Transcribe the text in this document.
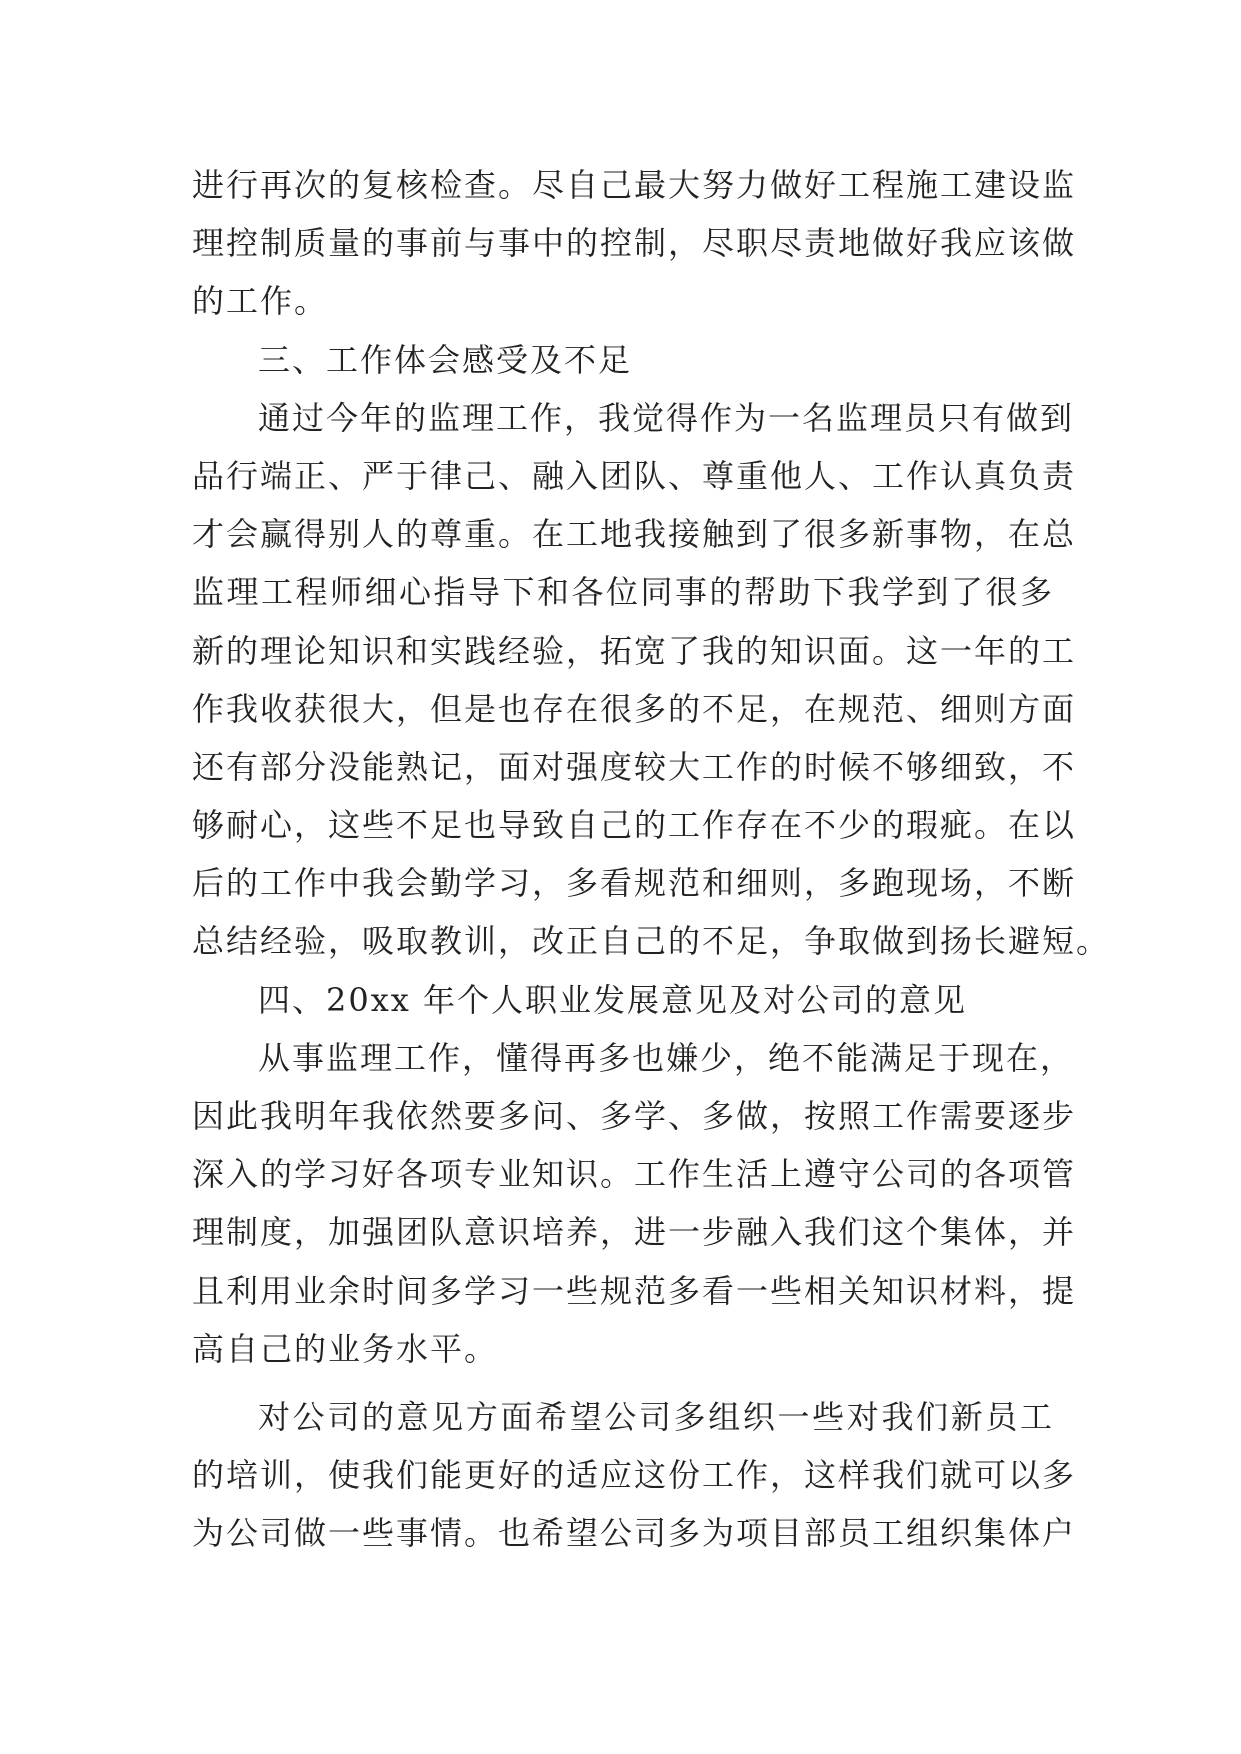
进行再次的复核检查。尽自己最大努力做好工程施工建设监
理控制质量的事前与事中的控制，尽职尽责地做好我应该做
的工作。
三、工作体会感受及不足
通过今年的监理工作，我觉得作为一名监理员只有做到
品行端正、严于律己、融入团队、尊重他人、工作认真负责
才会赢得别人的尊重。在工地我接触到了很多新事物，在总
监理工程师细心指导下和各位同事的帮助下我学到了很多
新的理论知识和实践经验，拓宽了我的知识面。这一年的工
作我收获很大，但是也存在很多的不足，在规范、细则方面
还有部分没能熟记，面对强度较大工作的时候不够细致，不
够耐心，这些不足也导致自己的工作存在不少的瑕疵。在以
后的工作中我会勤学习，多看规范和细则，多跑现场，不断
总结经验，吸取教训，改正自己的不足，争取做到扬长避短。
四、20xx 年个人职业发展意见及对公司的意见
从事监理工作，懂得再多也嫌少，绝不能满足于现在，
因此我明年我依然要多问、多学、多做，按照工作需要逐步
深入的学习好各项专业知识。工作生活上遵守公司的各项管
理制度，加强团队意识培养，进一步融入我们这个集体，并
且利用业余时间多学习一些规范多看一些相关知识材料，提
高自己的业务水平。
对公司的意见方面希望公司多组织一些对我们新员工
的培训，使我们能更好的适应这份工作，这样我们就可以多
为公司做一些事情。也希望公司多为项目部员工组织集体户
